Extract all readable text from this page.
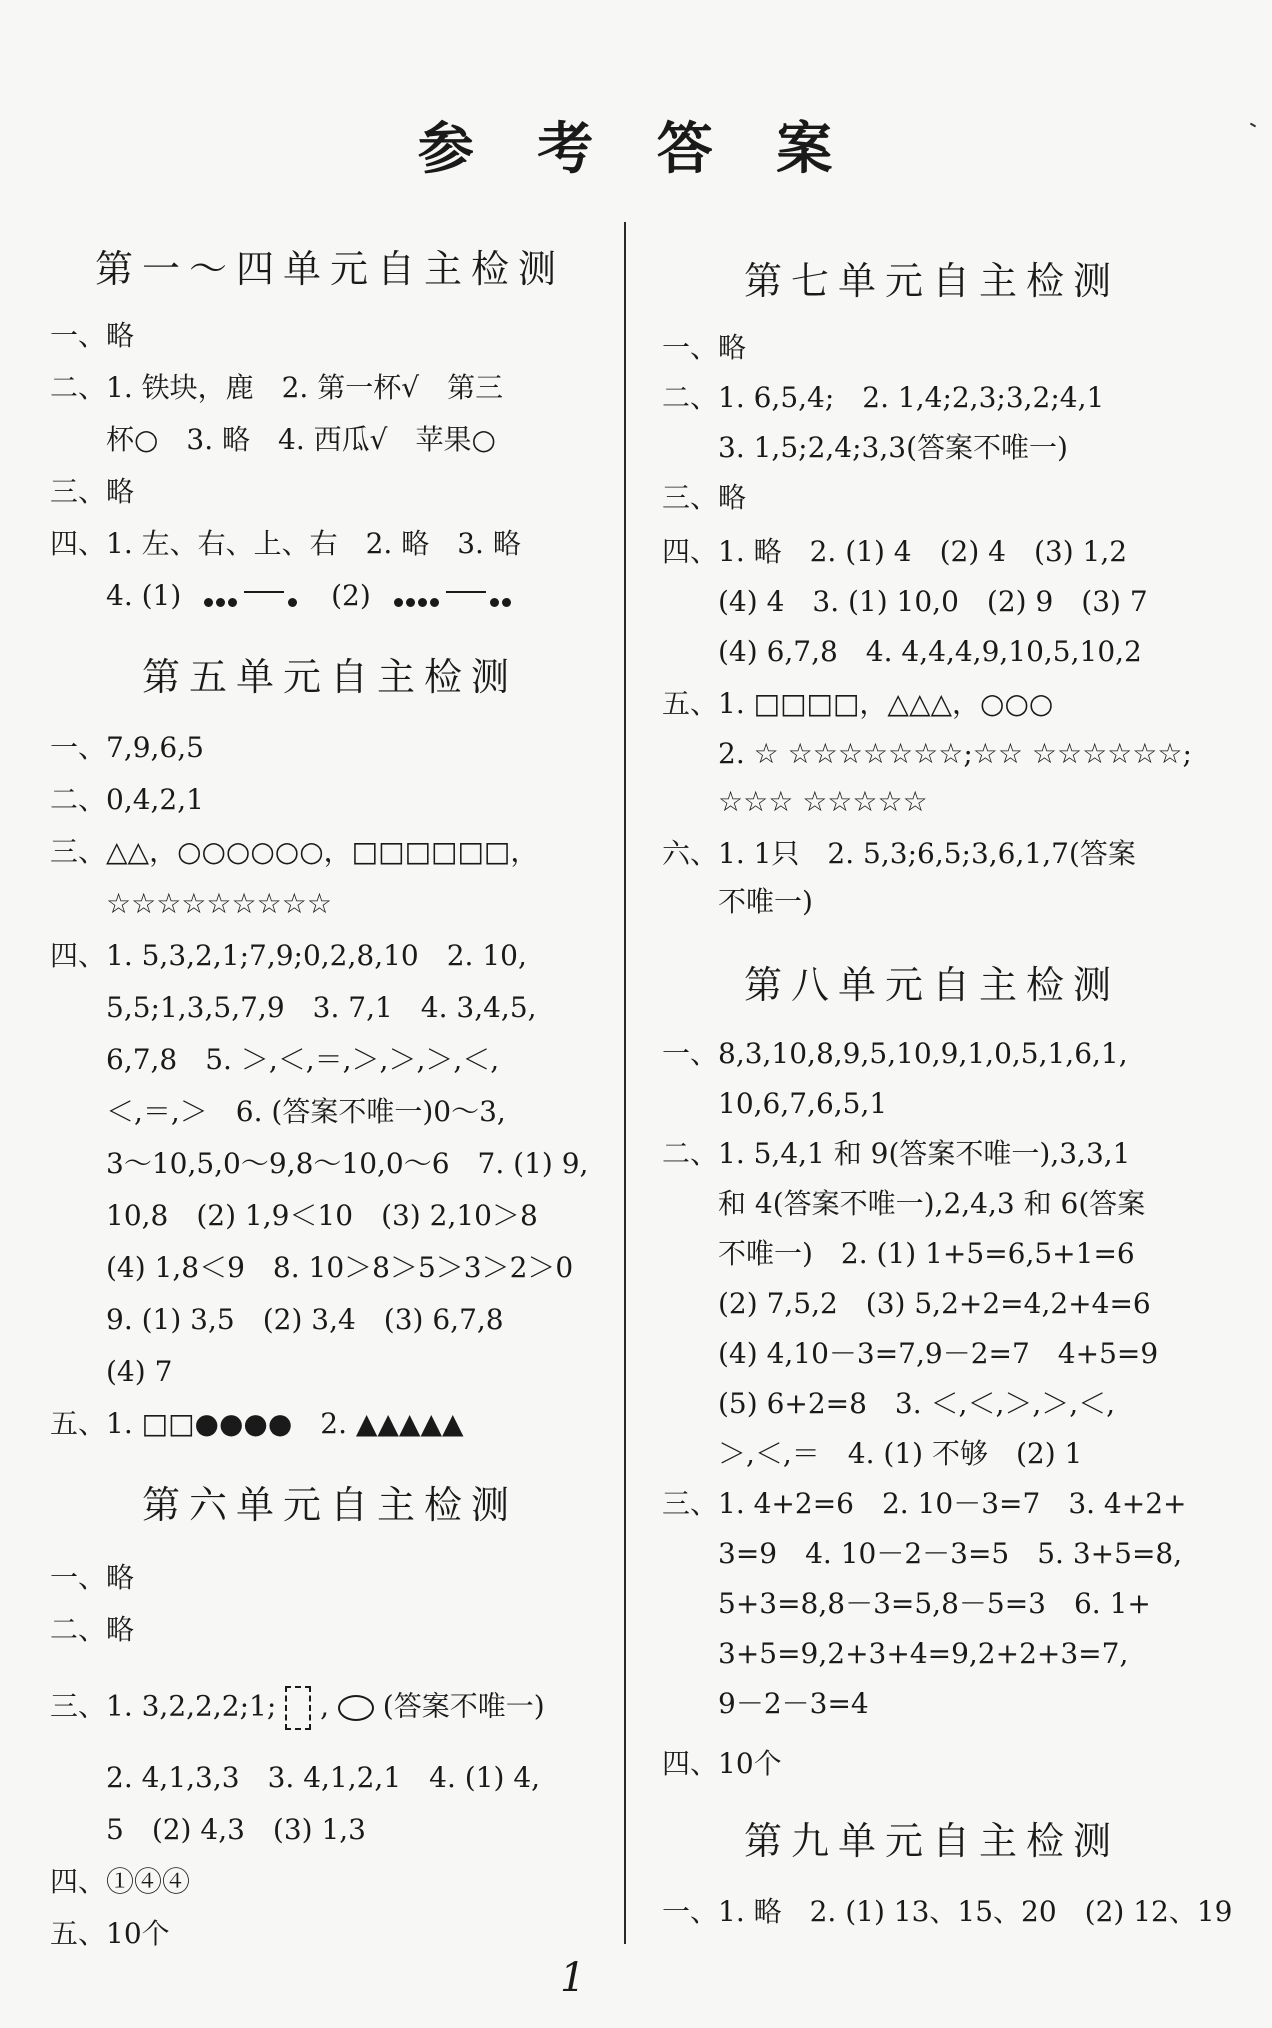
参 考 答 案
第一～四单元自主检测
一、略
二、1. 铁块，鹿　2. 第一杯√　第三
杯○　3. 略　4. 西瓜√　苹果○
三、略
四、1. 左、右、上、右　2. 略　3. 略
4. (1)	(2)
第五单元自主检测
一、7,9,6,5
二、0,4,2,1
三、△△，○○○○○○，□□□□□□，
☆☆☆☆☆☆☆☆☆
四、1. 5,3,2,1;7,9;0,2,8,10　2. 10,
5,5;1,3,5,7,9　3. 7,1　4. 3,4,5,
6,7,8　5. ＞,＜,＝,＞,＞,＞,＜,
＜,＝,＞　6. (答案不唯一)0～3,
3～10,5,0～9,8～10,0～6　7. (1) 9,
10,8　(2) 1,9＜10　(3) 2,10＞8
(4) 1,8＜9　8. 10＞8＞5＞3＞2＞0
9. (1) 3,5　(2) 3,4　(3) 6,7,8
(4) 7
五、1. □□●●●●　2. ▲▲▲▲▲
第六单元自主检测
一、略
二、略
三、1. 3,2,2,2;1; , (答案不唯一)
2. 4,1,3,3　3. 4,1,2,1　4. (1) 4,
5　(2) 4,3　(3) 1,3
四、①④④
五、10个
第七单元自主检测
一、略
二、1. 6,5,4;　2. 1,4;2,3;3,2;4,1
3. 1,5;2,4;3,3(答案不唯一)
三、略
四、1. 略　2. (1) 4　(2) 4　(3) 1,2
(4) 4　3. (1) 10,0　(2) 9　(3) 7
(4) 6,7,8　4. 4,4,4,9,10,5,10,2
五、1. □□□□，△△△，○○○
2. ☆ ☆☆☆☆☆☆☆;☆☆ ☆☆☆☆☆☆;
☆☆☆ ☆☆☆☆☆
六、1. 1只　2. 5,3;6,5;3,6,1,7(答案
不唯一)
第八单元自主检测
一、8,3,10,8,9,5,10,9,1,0,5,1,6,1,
10,6,7,6,5,1
二、1. 5,4,1 和 9(答案不唯一),3,3,1
和 4(答案不唯一),2,4,3 和 6(答案
不唯一)　2. (1) 1+5=6,5+1=6
(2) 7,5,2　(3) 5,2+2=4,2+4=6
(4) 4,10－3=7,9－2=7　4+5=9
(5) 6+2=8　3. ＜,＜,＞,＞,＜,
＞,＜,＝　4. (1) 不够　(2) 1
三、1. 4+2=6　2. 10－3=7　3. 4+2+
3=9　4. 10－2－3=5　5. 3+5=8,
5+3=8,8－3=5,8－5=3　6. 1+
3+5=9,2+3+4=9,2+2+3=7,
9－2－3=4
四、10个
第九单元自主检测
一、1. 略　2. (1) 13、15、20　(2) 12、19
1
